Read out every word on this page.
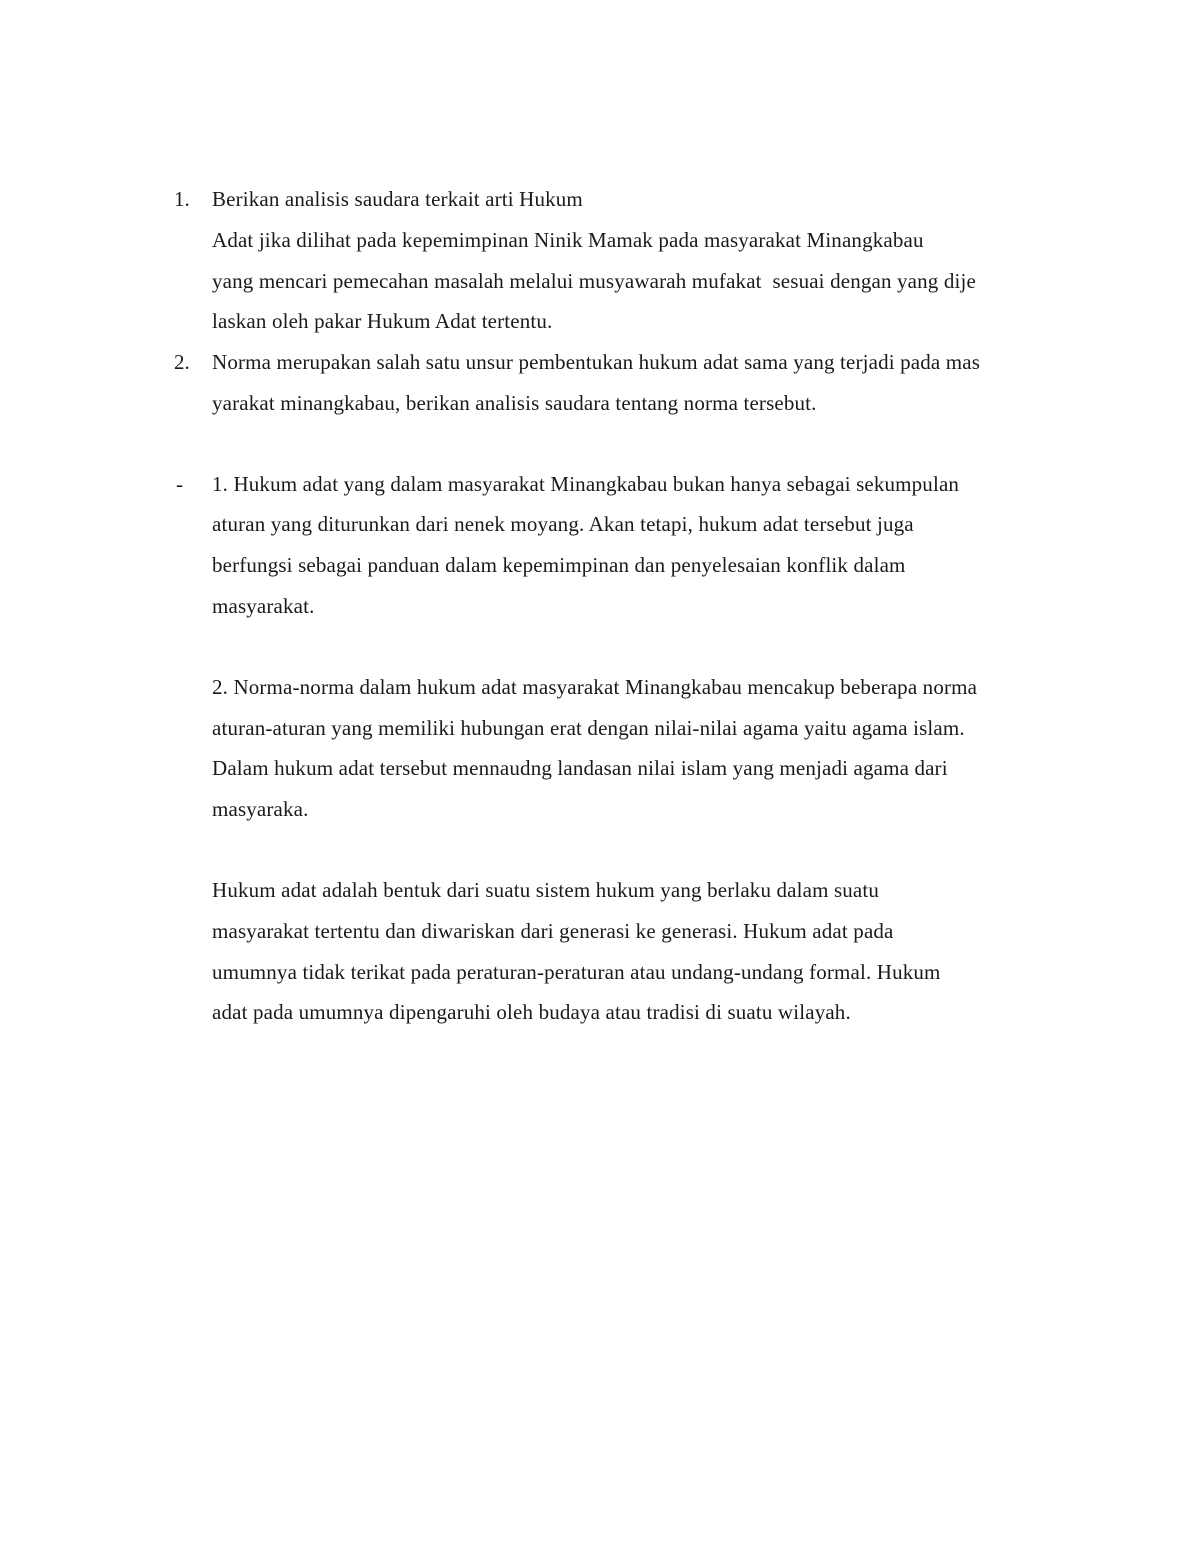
1. Berikan analisis saudara terkait arti Hukum
Adat jika dilihat pada kepemimpinan Ninik Mamak pada masyarakat Minangkabau
yang mencari pemecahan masalah melalui musyawarah mufakat  sesuai dengan yang dije
laskan oleh pakar Hukum Adat tertentu.
2. Norma merupakan salah satu unsur pembentukan hukum adat sama yang terjadi pada mas
yarakat minangkabau, berikan analisis saudara tentang norma tersebut.
- 1. Hukum adat yang dalam masyarakat Minangkabau bukan hanya sebagai sekumpulan
aturan yang diturunkan dari nenek moyang. Akan tetapi, hukum adat tersebut juga
berfungsi sebagai panduan dalam kepemimpinan dan penyelesaian konflik dalam
masyarakat.
2. Norma-norma dalam hukum adat masyarakat Minangkabau mencakup beberapa norma
aturan-aturan yang memiliki hubungan erat dengan nilai-nilai agama yaitu agama islam.
Dalam hukum adat tersebut mennaudng landasan nilai islam yang menjadi agama dari
masyaraka.
Hukum adat adalah bentuk dari suatu sistem hukum yang berlaku dalam suatu
masyarakat tertentu dan diwariskan dari generasi ke generasi. Hukum adat pada
umumnya tidak terikat pada peraturan-peraturan atau undang-undang formal. Hukum
adat pada umumnya dipengaruhi oleh budaya atau tradisi di suatu wilayah.
